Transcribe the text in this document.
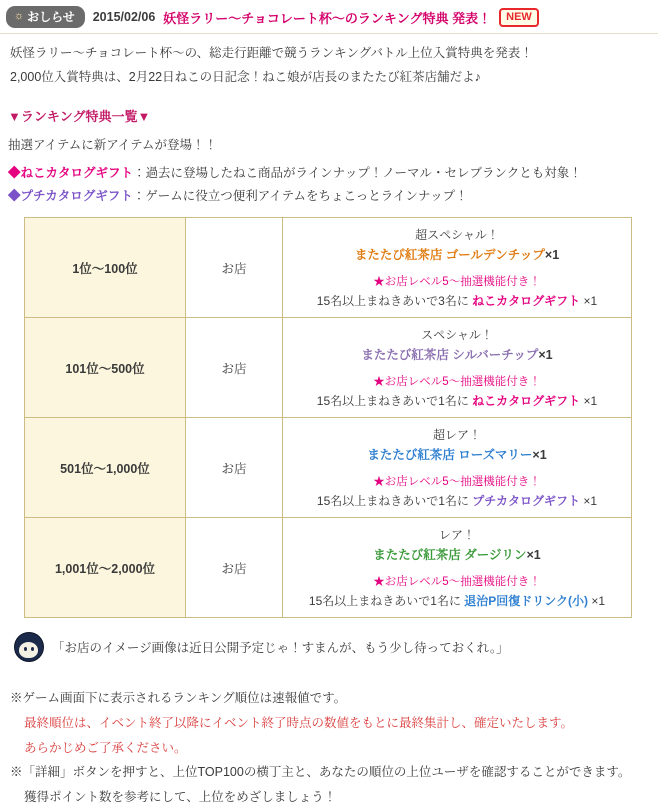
☼ おしらせ 2015/02/06 妖怪ラリー～チョコレート杯～のランキング特典 発表！	NEW

妖怪ラリー～チョコレート杯～の、総走行距離で競うランキングバトル上位入賞特典を発表！

2,000位入賞特典は、2月22日ねこの日記念！ねこ娘が店長のまたたび紅茶店舗だよ♪

▼ランキング特典一覧▼
抽選アイテムに新アイテムが登場！！
◆ねこカタログギフト：過去に登場したねこ商品がラインナップ！ノーマル・セレブランクとも対象！
◆プチカタログギフト：ゲームに役立つ便利アイテムをちょこっとラインナップ！
1位～100位	お店	超スペシャル！
またたび紅茶店 ゴールデンチップ×1
★お店レベル5～抽選機能付き！
15名以上まねきあいで3名に ねこカタログギフト ×1

101位～500位	お店	スペシャル！
またたび紅茶店 シルバーチップ×1
★お店レベル5～抽選機能付き！
15名以上まねきあいで1名に ねこカタログギフト ×1

501位～1,000位	お店	超レア！
またたび紅茶店 ローズマリー×1
★お店レベル5～抽選機能付き！
15名以上まねきあいで1名に プチカタログギフト ×1

1,001位～2,000位	お店	レア！
またたび紅茶店 ダージリン×1
★お店レベル5～抽選機能付き！
15名以上まねきあいで1名に 退治P回復ドリンク(小) ×1
「お店のイメージ画像は近日公開予定じゃ！すまんが、もう少し待っておくれ。」

※ゲーム画面下に表示されるランキング順位は速報値です。

最終順位は、イベント終了以降にイベント終了時点の数値をもとに最終集計し、確定いたします。

あらかじめご了承ください。

※「詳細」ボタンを押すと、上位TOP100の横丁主と、あなたの順位の上位ユーザを確認することができます。

獲得ポイント数を参考にして、上位をめざしましょう！
